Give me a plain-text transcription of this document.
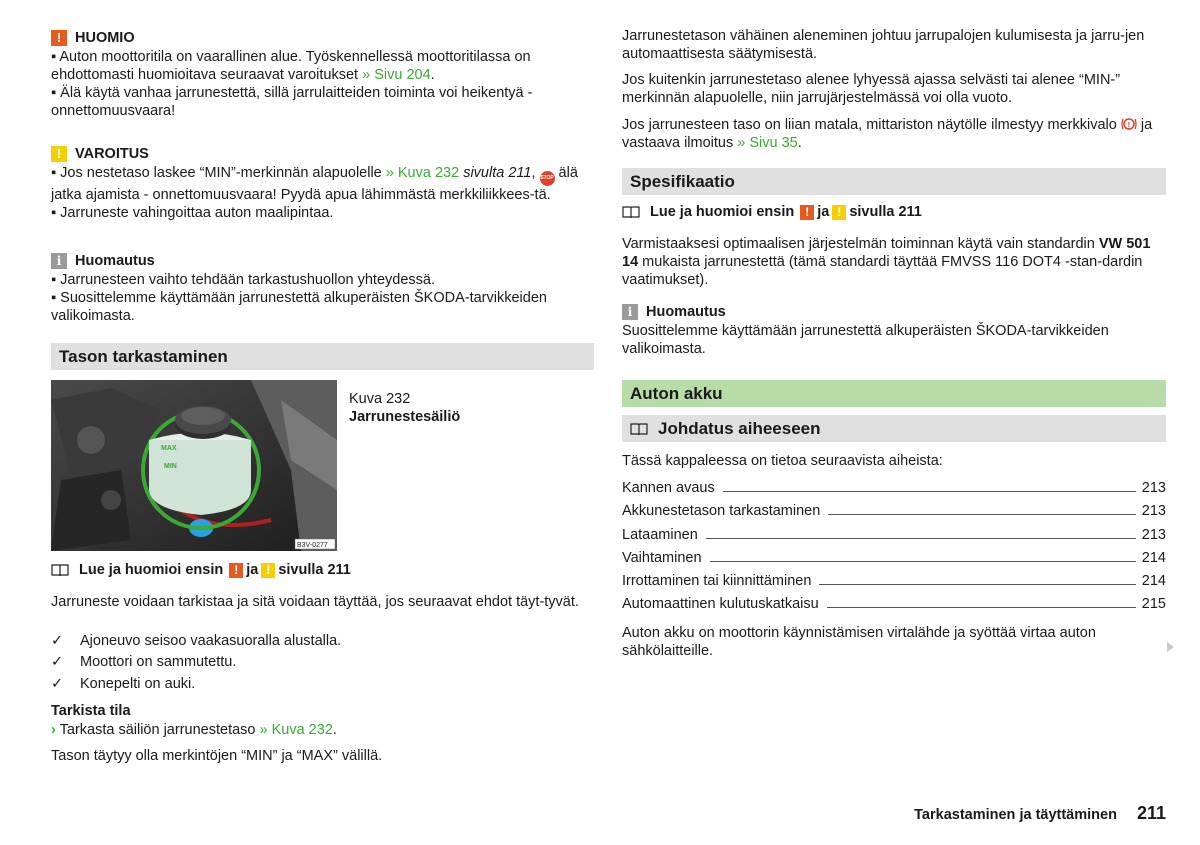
! HUOMIO
▪ Auton moottoritila on vaarallinen alue. Työskennellessä moottoritilassa on ehdottomasti huomioitava seuraavat varoitukset » Sivu 204.
▪ Älä käytä vanhaa jarrunestettä, sillä jarrulaitteiden toiminta voi heikentyä - onnettomuusvaara!
! VAROITUS
▪ Jos nestetaso laskee “MIN”-merkinnän alapuolelle » Kuva 232 sivulta 211, STOP älä jatka ajamista - onnettomuusvaara! Pyydä apua lähimmästä merkkiliikkees-tä.
▪ Jarruneste vahingoittaa auton maalipintaa.
i Huomautus
▪ Jarrunesteen vaihto tehdään tarkastushuollon yhteydessä.
▪ Suosittelemme käyttämään jarrunestettä alkuperäisten ŠKODA-tarvikkeiden valikoimasta.
Tason tarkastaminen
MAX
MIN
B3V-0277
Kuva 232
Jarrunestesäiliö
Lue ja huomioi ensin ! ja ! sivulla 211
Jarruneste voidaan tarkistaa ja sitä voidaan täyttää, jos seuraavat ehdot täyt-tyvät.
✓	Ajoneuvo seisoo vaakasuoralla alustalla.
✓	Moottori on sammutettu.
✓	Konepelti on auki.
Tarkista tila
› Tarkasta säiliön jarrunestetaso » Kuva 232.
Tason täytyy olla merkintöjen “MIN” ja “MAX” välillä.
Jarrunestetason vähäinen aleneminen johtuu jarrupalojen kulumisesta ja jarru-jen automaattisesta säätymisestä.
Jos kuitenkin jarrunestetaso alenee lyhyessä ajassa selvästi tai alenee “MIN-” merkinnän alapuolelle, niin jarrujärjestelmässä voi olla vuoto.
Jos jarrunesteen taso on liian matala, mittariston näytölle ilmestyy merkkivalo ! ja vastaava ilmoitus » Sivu 35.
Spesifikaatio
Lue ja huomioi ensin ! ja ! sivulla 211
Varmistaaksesi optimaalisen järjestelmän toiminnan käytä vain standardin VW 501 14 mukaista jarrunestettä (tämä standardi täyttää FMVSS 116 DOT4 -stan-dardin vaatimukset).
i Huomautus
Suosittelemme käyttämään jarrunestettä alkuperäisten ŠKODA-tarvikkeiden valikoimasta.
Auton akku
Johdatus aiheeseen
Tässä kappaleessa on tietoa seuraavista aiheista:
Kannen avaus	213
Akkunestetason tarkastaminen	213
Lataaminen	213
Vaihtaminen	214
Irrottaminen tai kiinnittäminen	214
Automaattinen kulutuskatkaisu	215
Auton akku on moottorin käynnistämisen virtalähde ja syöttää virtaa auton sähkölaitteille.
Tarkastaminen ja täyttäminen 211
